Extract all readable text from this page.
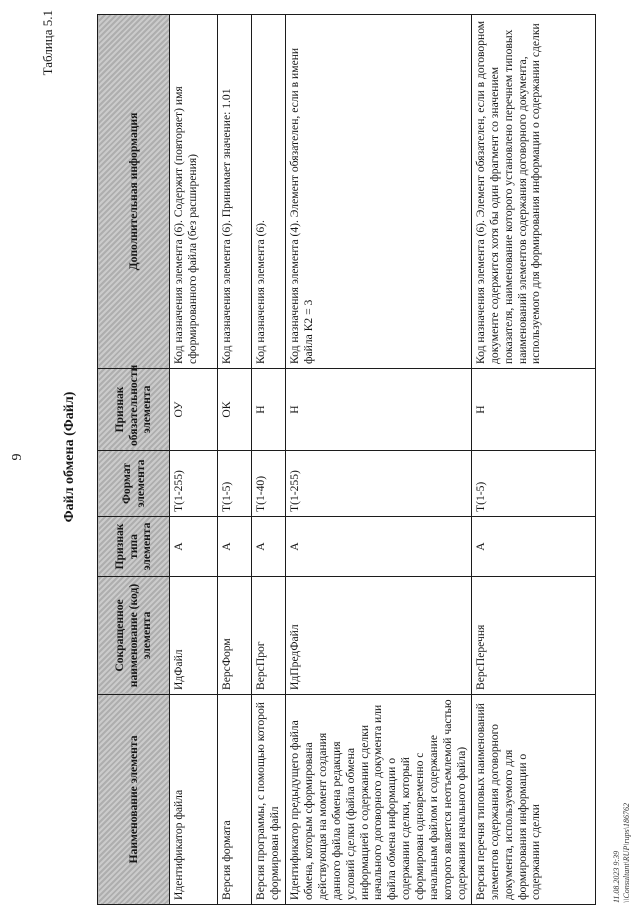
9
Таблица 5.1
Файл обмена (Файл)
Наименование элемента	Сокращенное наименование (код) элемента	Признак типа элемента	Формат элемента	Признак обязательности элемента	Дополнительная информация
Идентификатор файла	ИдФайл	А	Т(1-255)	ОУ	Код назначения элемента (6). Содержит (повторяет) имя сформированного файла (без расширения)
Версия формата	ВерсФорм	А	Т(1-5)	ОК	Код назначения элемента (6). Принимает значение: 1.01
Версия программы, с помощью которой сформирован файл	ВерсПрог	А	Т(1-40)	Н	Код назначения элемента (6).
Идентификатор предыдущего файла обмена, которым сформирована действующая на момент создания данного файла обмена редакция условий сделки (файла обмена информацией о содержании сделки начального договорного документа или файла обмена информации о содержании сделки, который сформирован одновременно с начальным файлом и содержание которого является неотъемлемой частью содержания начального файла)	ИдПредФайл	А	Т(1-255)	Н	Код назначения элемента (4). Элемент обязателен, если в имени файла К2 = 3
Версия перечня типовых наименований элементов содержания договорного документа, используемого для формирования информации о содержании сделки	ВерсПеречня	А	Т(1-5)	Н	Код назначения элемента (6). Элемент обязателен, если в договорном документе содержится хотя бы один фрагмент со значением показателя, наименование которого установлено перечнем типовых наименований элементов содержания договорного документа, используемого для формирования информации о содержании сделки
11.08.2023 9:39 \\Consultant\RUP\rups\186762
